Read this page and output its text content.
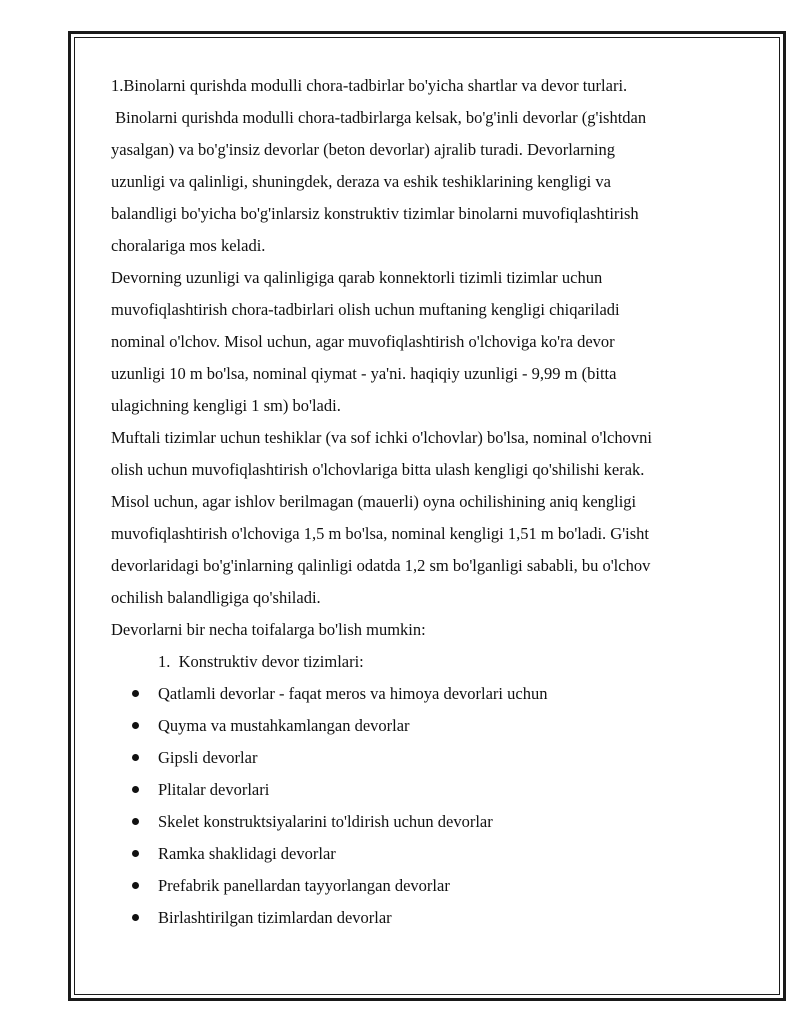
1.Binolarni qurishda modulli chora-tadbirlar bo'yicha shartlar va devor turlari.

Binolarni qurishda modulli chora-tadbirlarga kelsak, bo'g'inli devorlar (g'ishtdan

yasalgan) va bo'g'insiz devorlar (beton devorlar) ajralib turadi. Devorlarning

uzunligi va qalinligi, shuningdek, deraza va eshik teshiklarining kengligi va

balandligi bo'yicha bo'g'inlarsiz konstruktiv tizimlar binolarni muvofiqlashtirish

choralariga mos keladi.

Devorning uzunligi va qalinligiga qarab konnektorli tizimli tizimlar uchun

muvofiqlashtirish chora-tadbirlari olish uchun muftaning kengligi chiqariladi

nominal o'lchov. Misol uchun, agar muvofiqlashtirish o'lchoviga ko'ra devor

uzunligi 10 m bo'lsa, nominal qiymat - ya'ni. haqiqiy uzunligi - 9,99 m (bitta

ulagichning kengligi 1 sm) bo'ladi.

Muftali tizimlar uchun teshiklar (va sof ichki o'lchovlar) bo'lsa, nominal o'lchovni

olish uchun muvofiqlashtirish o'lchovlariga bitta ulash kengligi qo'shilishi kerak.

Misol uchun, agar ishlov berilmagan (mauerli) oyna ochilishining aniq kengligi

muvofiqlashtirish o'lchoviga 1,5 m bo'lsa, nominal kengligi 1,51 m bo'ladi. G'isht

devorlaridagi bo'g'inlarning qalinligi odatda 1,2 sm bo'lganligi sababli, bu o'lchov

ochilish balandligiga qo'shiladi.

Devorlarni bir necha toifalarga bo'lish mumkin:

1.  Konstruktiv devor tizimlari:

Qatlamli devorlar - faqat meros va himoya devorlari uchun
Quyma va mustahkamlangan devorlar
Gipsli devorlar
Plitalar devorlari
Skelet konstruktsiyalarini to'ldirish uchun devorlar
Ramka shaklidagi devorlar
Prefabrik panellardan tayyorlangan devorlar
Birlashtirilgan tizimlardan devorlar
